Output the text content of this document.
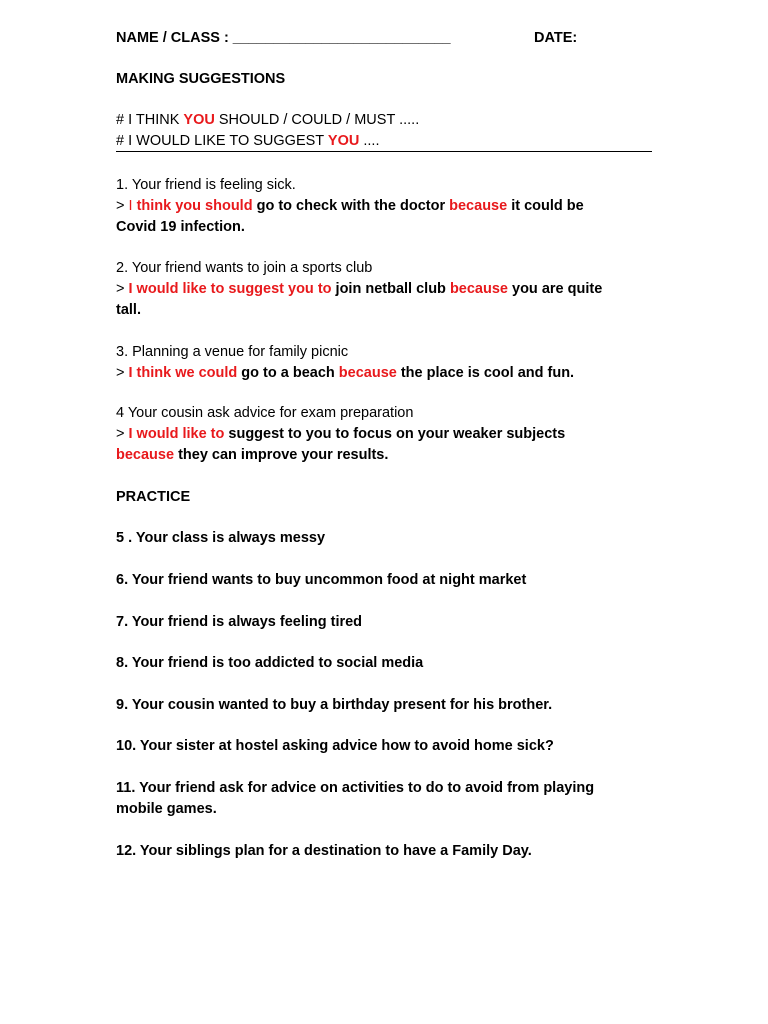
NAME / CLASS : ___________________________	DATE:
MAKING SUGGESTIONS
# I THINK YOU SHOULD / COULD / MUST .....
# I WOULD LIKE TO SUGGEST YOU ....
1. Your friend is feeling sick.
> I think you should go to check with the doctor because it could be
Covid 19 infection.
2. Your friend wants to join a sports club
> I would like to suggest you to join netball club because you are quite
tall.
3. Planning a venue for family picnic
> I think we could go to a beach because the place is cool and fun.
4 Your cousin ask advice for exam preparation
> I would like to suggest to you to focus on your weaker subjects
because they can improve your results.
PRACTICE
5 . Your class is always messy
6. Your friend wants to buy uncommon food at night market
7. Your friend is always feeling tired
8. Your friend is too addicted to social media
9. Your cousin wanted to buy a birthday present for his brother.
10. Your sister at hostel asking advice how to avoid home sick?
11. Your friend ask for advice on activities to do to avoid from playing
mobile games.
12. Your siblings plan for a destination to have a Family Day.
